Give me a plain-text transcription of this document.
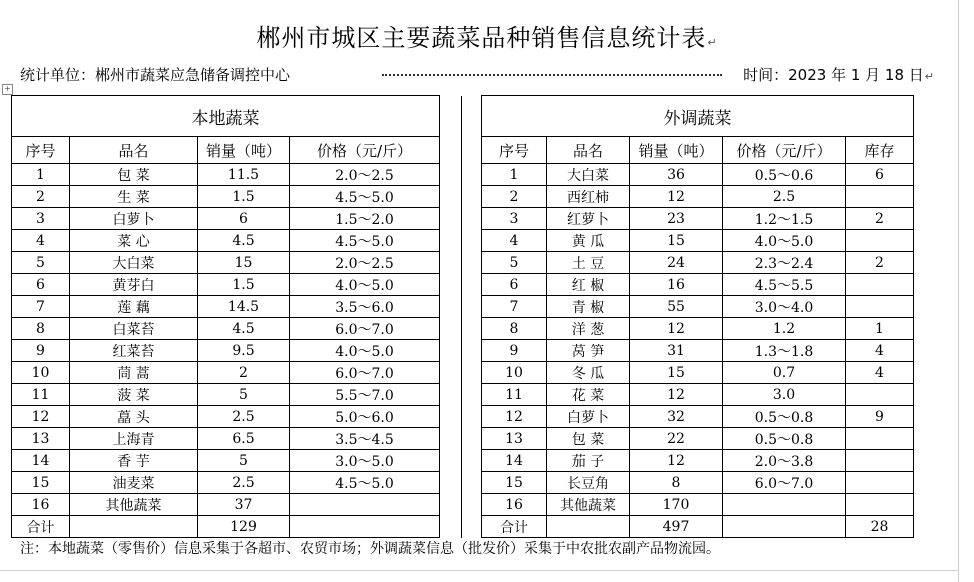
郴州市城区主要蔬菜品种销售信息统计表↵
统计单位：郴州市蔬菜应急储备调控中心	时间：2023 年 1 月 18 日↵
+
本地蔬菜						外调蔬菜					
序号	品名	销量（吨）	价格（元/斤）			序号	品名	销量（吨）	价格（元/斤）	库存	
1	包 菜	11.5	2.0～2.5			1	大白菜	36	0.5～0.6	6	
2	生 菜	1.5	4.5～5.0			2	西红柿	12	2.5		
3	白萝卜	6	1.5～2.0			3	红萝卜	23	1.2～1.5	2	
4	菜 心	4.5	4.5～5.0			4	黄 瓜	15	4.0～5.0		
5	大白菜	15	2.0～2.5			5	土 豆	24	2.3～2.4	2	
6	黄芽白	1.5	4.0～5.0			6	红 椒	16	4.5～5.5		
7	莲 藕	14.5	3.5～6.0			7	青 椒	55	3.0～4.0		
8	白菜苔	4.5	6.0～7.0			8	洋 葱	12	1.2	1	
9	红菜苔	9.5	4.0～5.0			9	莴 笋	31	1.3～1.8	4	
10	茼 蒿	2	6.0～7.0			10	冬 瓜	15	0.7	4	
11	菠 菜	5	5.5～7.0			11	花 菜	12	3.0		
12	藠 头	2.5	5.0～6.0			12	白萝卜	32	0.5～0.8	9	
13	上海青	6.5	3.5～4.5			13	包 菜	22	0.5～0.8		
14	香 芋	5	3.0～5.0			14	茄 子	12	2.0～3.8		
15	油麦菜	2.5	4.5～5.0			15	长豆角	8	6.0～7.0		
16	其他蔬菜	37				16	其他蔬菜	170			
合计		129				合计		497		28	
注：本地蔬菜（零售价）信息采集于各超市、农贸市场；外调蔬菜信息（批发价）采集于中农批农副产品物流园。
